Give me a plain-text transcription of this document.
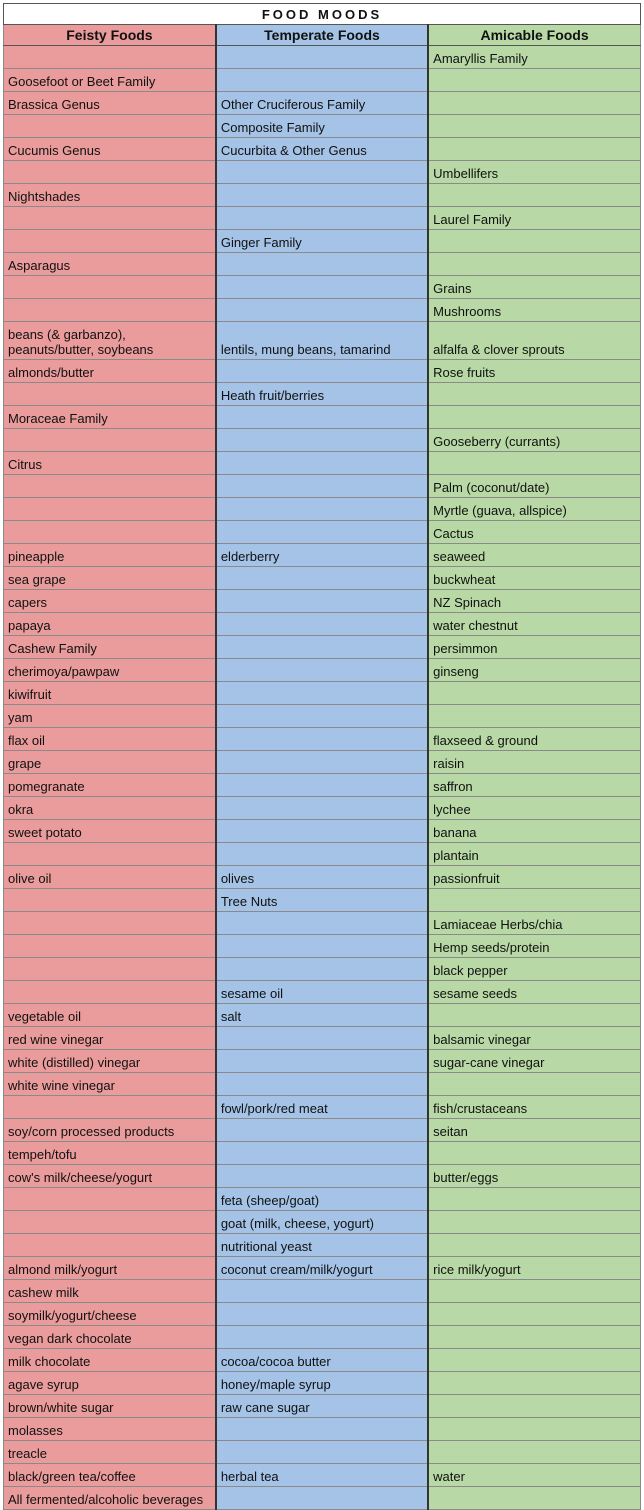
FOOD MOODS		
Feisty Foods	Temperate Foods	Amicable Foods
		Amaryllis Family
Goosefoot or Beet Family		
Brassica Genus	Other Cruciferous Family	
	Composite Family	
Cucumis Genus	Cucurbita & Other Genus	
		Umbellifers
Nightshades		
		Laurel Family
	Ginger Family	
Asparagus		
		Grains
		Mushrooms
beans (& garbanzo), peanuts/butter, soybeans	lentils, mung beans, tamarind	alfalfa & clover sprouts
almonds/butter		Rose fruits
	Heath fruit/berries	
Moraceae Family		
		Gooseberry (currants)
Citrus		
		Palm (coconut/date)
		Myrtle (guava, allspice)
		Cactus
pineapple	elderberry	seaweed
sea grape		buckwheat
capers		NZ Spinach
papaya		water chestnut
Cashew Family		persimmon
cherimoya/pawpaw		ginseng
kiwifruit		
yam		
flax oil		flaxseed & ground
grape		raisin
pomegranate		saffron
okra		lychee
sweet potato		banana
		plantain
olive oil	olives	passionfruit
	Tree Nuts	
		Lamiaceae Herbs/chia
		Hemp seeds/protein
		black pepper
	sesame oil	sesame seeds
vegetable oil	salt	
red wine vinegar		balsamic vinegar
white (distilled) vinegar		sugar-cane vinegar
white wine vinegar		
	fowl/pork/red meat	fish/crustaceans
soy/corn processed products		seitan
tempeh/tofu		
cow's milk/cheese/yogurt		butter/eggs
	feta (sheep/goat)	
	goat (milk, cheese, yogurt)	
	nutritional yeast	
almond milk/yogurt	coconut cream/milk/yogurt	rice milk/yogurt
cashew milk		
soymilk/yogurt/cheese		
vegan dark chocolate		
milk chocolate	cocoa/cocoa butter	
agave syrup	honey/maple syrup	
brown/white sugar	raw cane sugar	
molasses		
treacle		
black/green tea/coffee	herbal tea	water
All fermented/alcoholic beverages		
